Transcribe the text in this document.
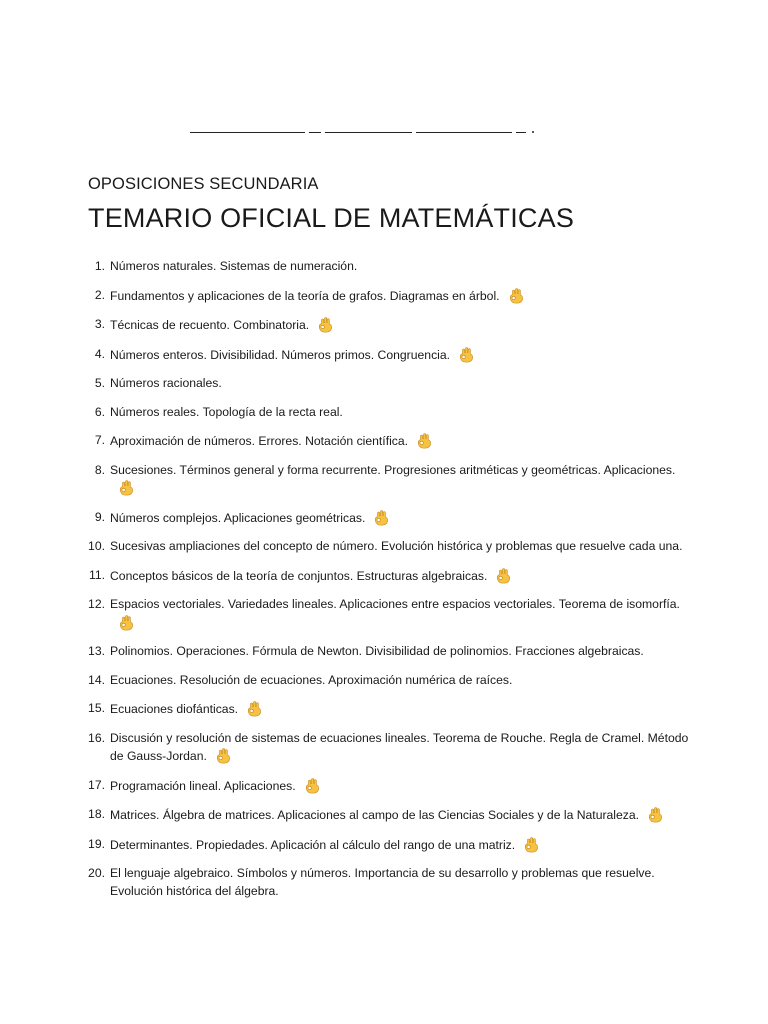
OPOSICIONES SECUNDARIA
TEMARIO OFICIAL DE MATEMÁTICAS
1. Números naturales. Sistemas de numeración.
2. Fundamentos y aplicaciones de la teoría de grafos. Diagramas en árbol.
3. Técnicas de recuento. Combinatoria.
4. Números enteros. Divisibilidad. Números primos. Congruencia.
5. Números racionales.
6. Números reales. Topología de la recta real.
7. Aproximación de números. Errores. Notación científica.
8. Sucesiones. Términos general y forma recurrente. Progresiones aritméticas y geométricas. Aplicaciones.
9. Números complejos. Aplicaciones geométricas.
10. Sucesivas ampliaciones del concepto de número. Evolución histórica y problemas que resuelve cada una.
11. Conceptos básicos de la teoría de conjuntos. Estructuras algebraicas.
12. Espacios vectoriales. Variedades lineales. Aplicaciones entre espacios vectoriales. Teorema de isomorfía.
13. Polinomios. Operaciones. Fórmula de Newton. Divisibilidad de polinomios. Fracciones algebraicas.
14. Ecuaciones. Resolución de ecuaciones. Aproximación numérica de raíces.
15. Ecuaciones diofánticas.
16. Discusión y resolución de sistemas de ecuaciones lineales. Teorema de Rouche. Regla de Cramel. Método de Gauss-Jordan.
17. Programación lineal. Aplicaciones.
18. Matrices. Álgebra de matrices. Aplicaciones al campo de las Ciencias Sociales y de la Naturaleza.
19. Determinantes. Propiedades. Aplicación al cálculo del rango de una matriz.
20. El lenguaje algebraico. Símbolos y números. Importancia de su desarrollo y problemas que resuelve. Evolución histórica del álgebra.
